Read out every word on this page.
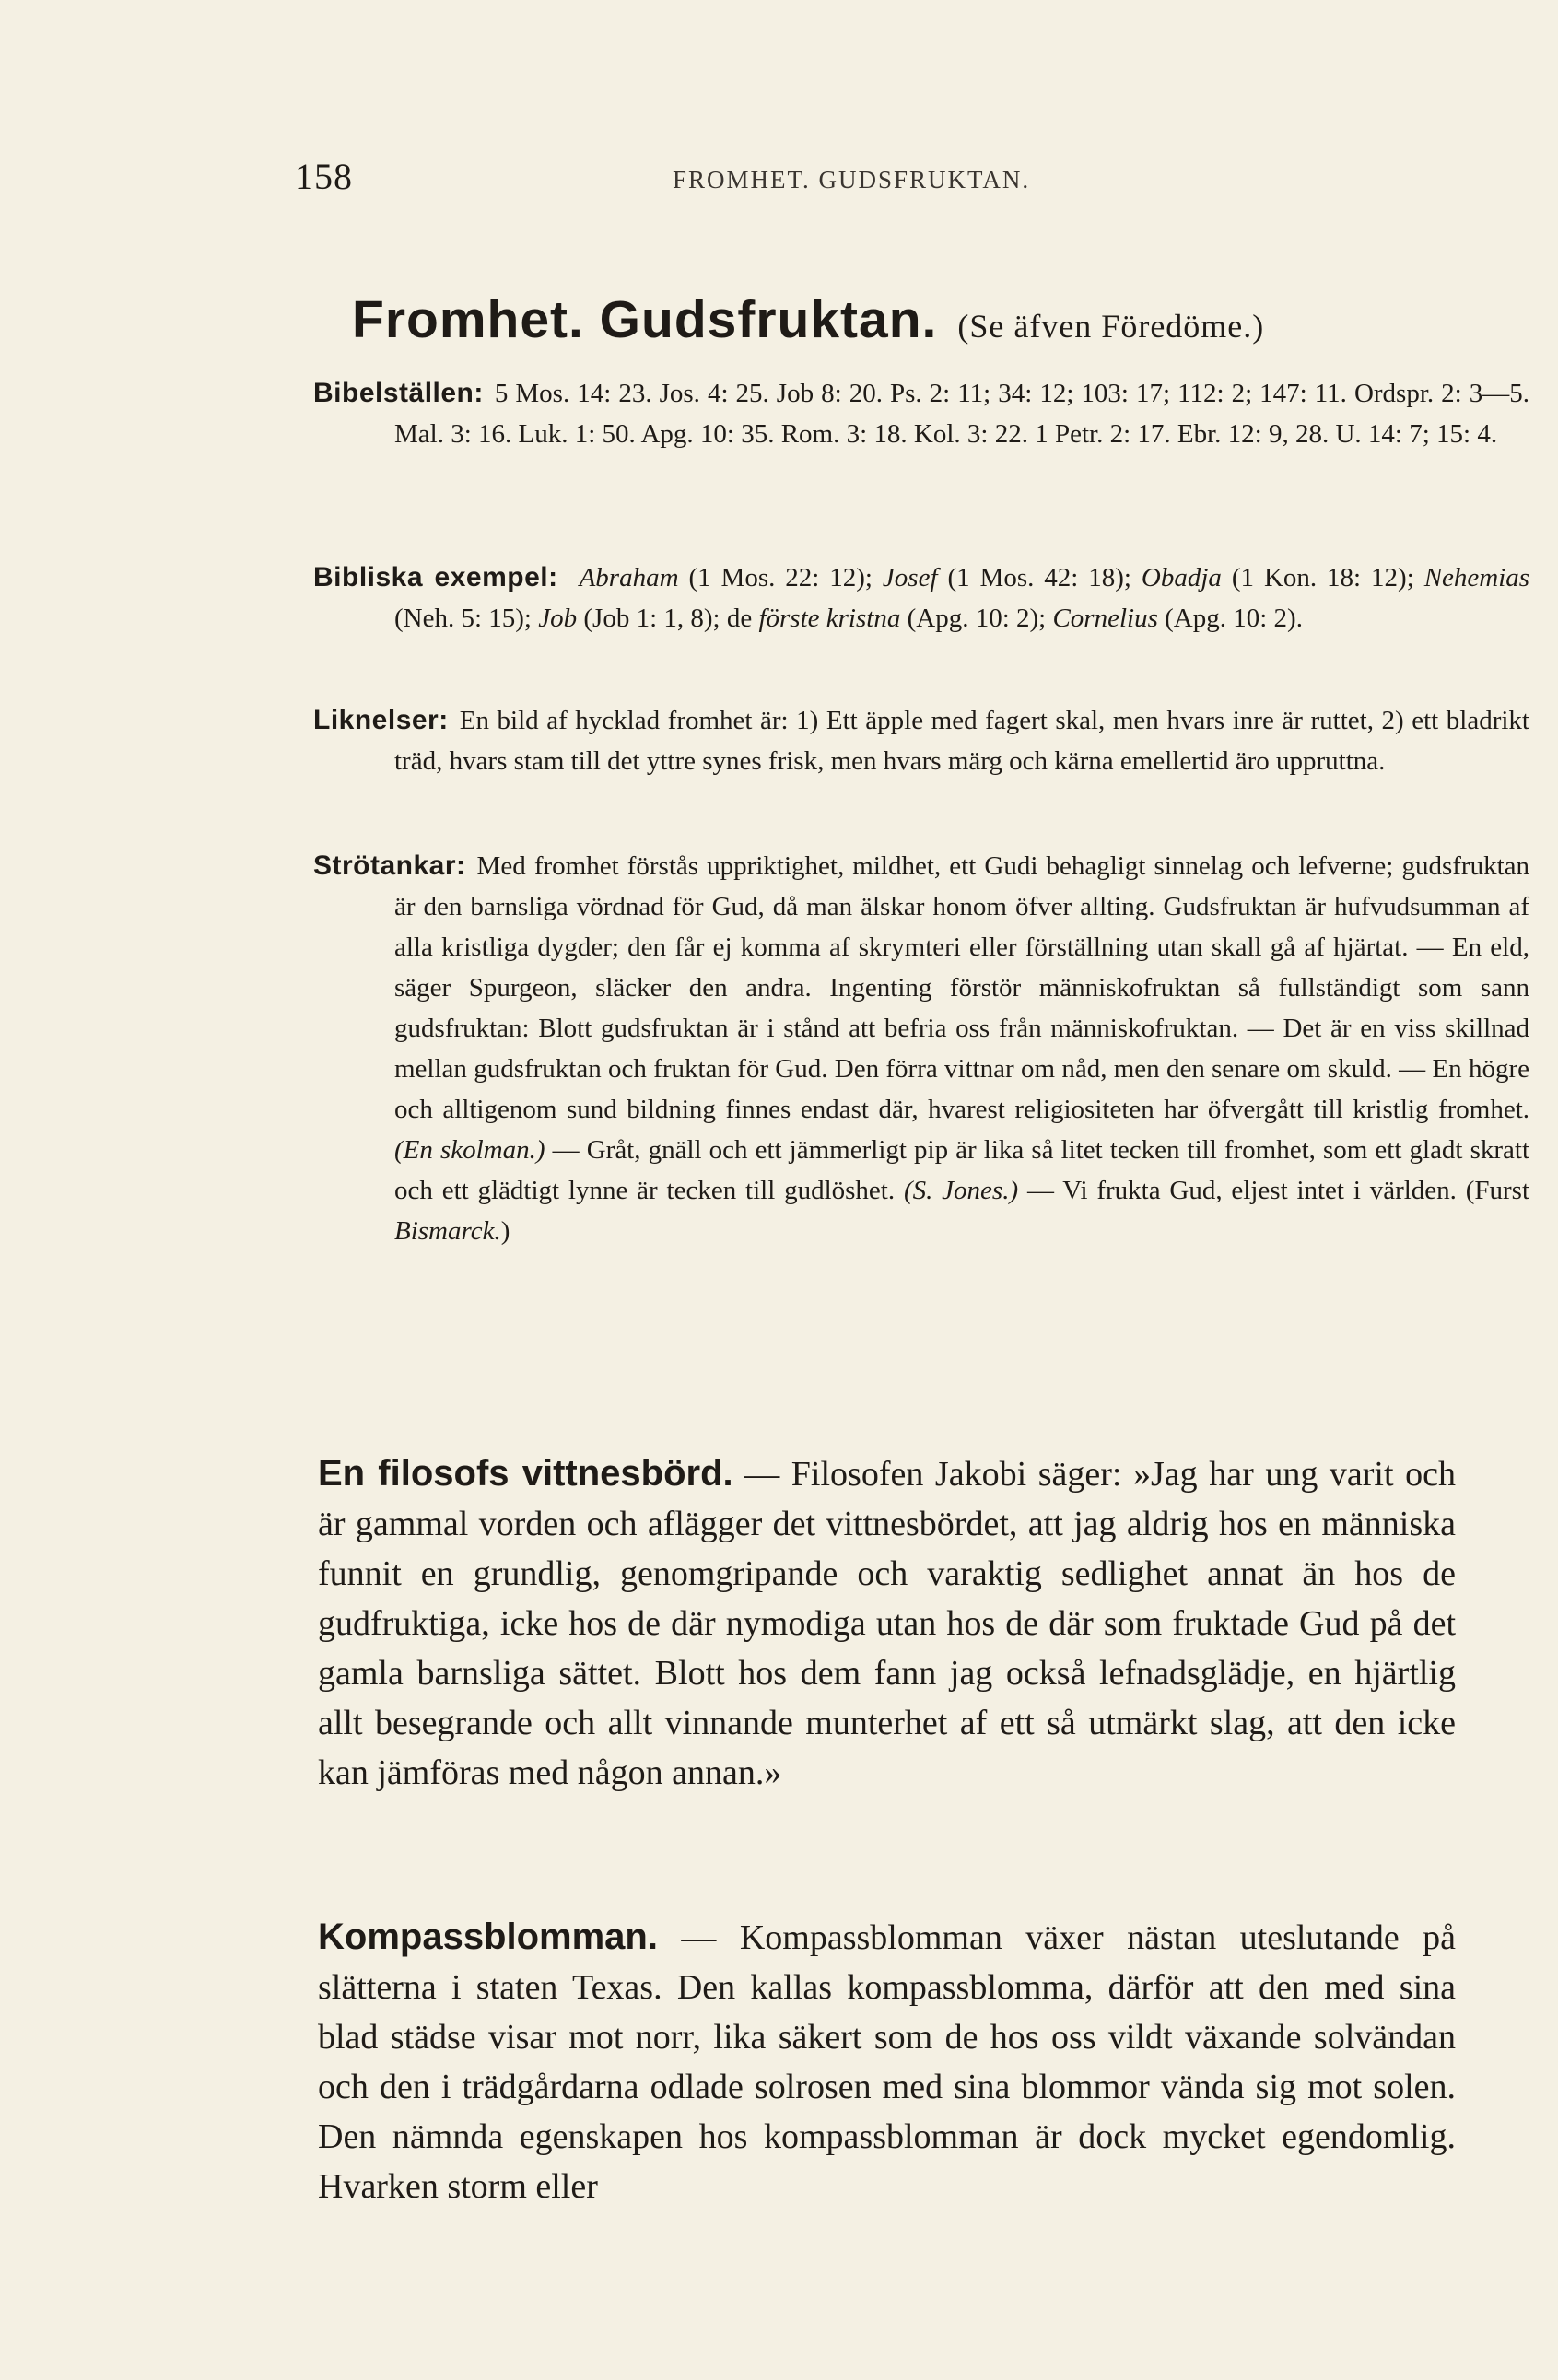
158	FROMHET. GUDSFRUKTAN.
Fromhet. Gudsfruktan. (Se äfven Föredöme.)
Bibelställen: 5 Mos. 14: 23. Jos. 4: 25. Job 8: 20. Ps. 2: 11; 34: 12; 103: 17; 112: 2; 147: 11. Ordspr. 2: 3—5. Mal. 3: 16. Luk. 1: 50. Apg. 10: 35. Rom. 3: 18. Kol. 3: 22. 1 Petr. 2: 17. Ebr. 12: 9, 28. U. 14: 7; 15: 4.
Bibliska exempel: Abraham (1 Mos. 22: 12); Josef (1 Mos. 42: 18); Obadja (1 Kon. 18: 12); Nehemias (Neh. 5: 15); Job (Job 1: 1, 8); de förste kristna (Apg. 10: 2); Cornelius (Apg. 10: 2).
Liknelser: En bild af hycklad fromhet är: 1) Ett äpple med fagert skal, men hvars inre är ruttet, 2) ett bladrikt träd, hvars stam till det yttre synes frisk, men hvars märg och kärna emellertid äro uppruttna.
Strötankar: Med fromhet förstås uppriktighet, mildhet, ett Gudi behagligt sinnelag och lefverne; gudsfruktan är den barnsliga vördnad för Gud, då man älskar honom öfver allting. Gudsfruktan är hufvudsumman af alla kristliga dygder; den får ej komma af skrymteri eller förställning utan skall gå af hjärtat. — En eld, säger Spurgeon, släcker den andra. Ingenting förstör människofruktan så fullständigt som sann gudsfruktan: Blott gudsfruktan är i stånd att befria oss från människofruktan. — Det är en viss skillnad mellan gudsfruktan och fruktan för Gud. Den förra vittnar om nåd, men den senare om skuld. — En högre och alltigenom sund bildning finnes endast där, hvarest religiositeten har öfvergått till kristlig fromhet. (En skolman.) — Gråt, gnäll och ett jämmerligt pip är lika så litet tecken till fromhet, som ett gladt skratt och ett glädtigt lynne är tecken till gudlöshet. (S. Jones.) — Vi frukta Gud, eljest intet i världen. (Furst Bismarck.)
En filosofs vittnesbörd. — Filosofen Jakobi säger: »Jag har ung varit och är gammal vorden och aflägger det vittnesbördet, att jag aldrig hos en människa funnit en grundlig, genomgripande och varaktig sedlighet annat än hos de gudfruktiga, icke hos de där nymodiga utan hos de där som fruktade Gud på det gamla barnsliga sättet. Blott hos dem fann jag också lefnadsglädje, en hjärtlig allt besegrande och allt vinnande munterhet af ett så utmärkt slag, att den icke kan jämföras med någon annan.»
Kompassblomman. — Kompassblomman växer nästan uteslutande på slätterna i staten Texas. Den kallas kompassblomma, därför att den med sina blad städse visar mot norr, lika säkert som de hos oss vildt växande solvändan och den i trädgårdarna odlade solrosen med sina blommor vända sig mot solen. Den nämnda egenskapen hos kompassblomman är dock mycket egendomlig. Hvarken storm eller
